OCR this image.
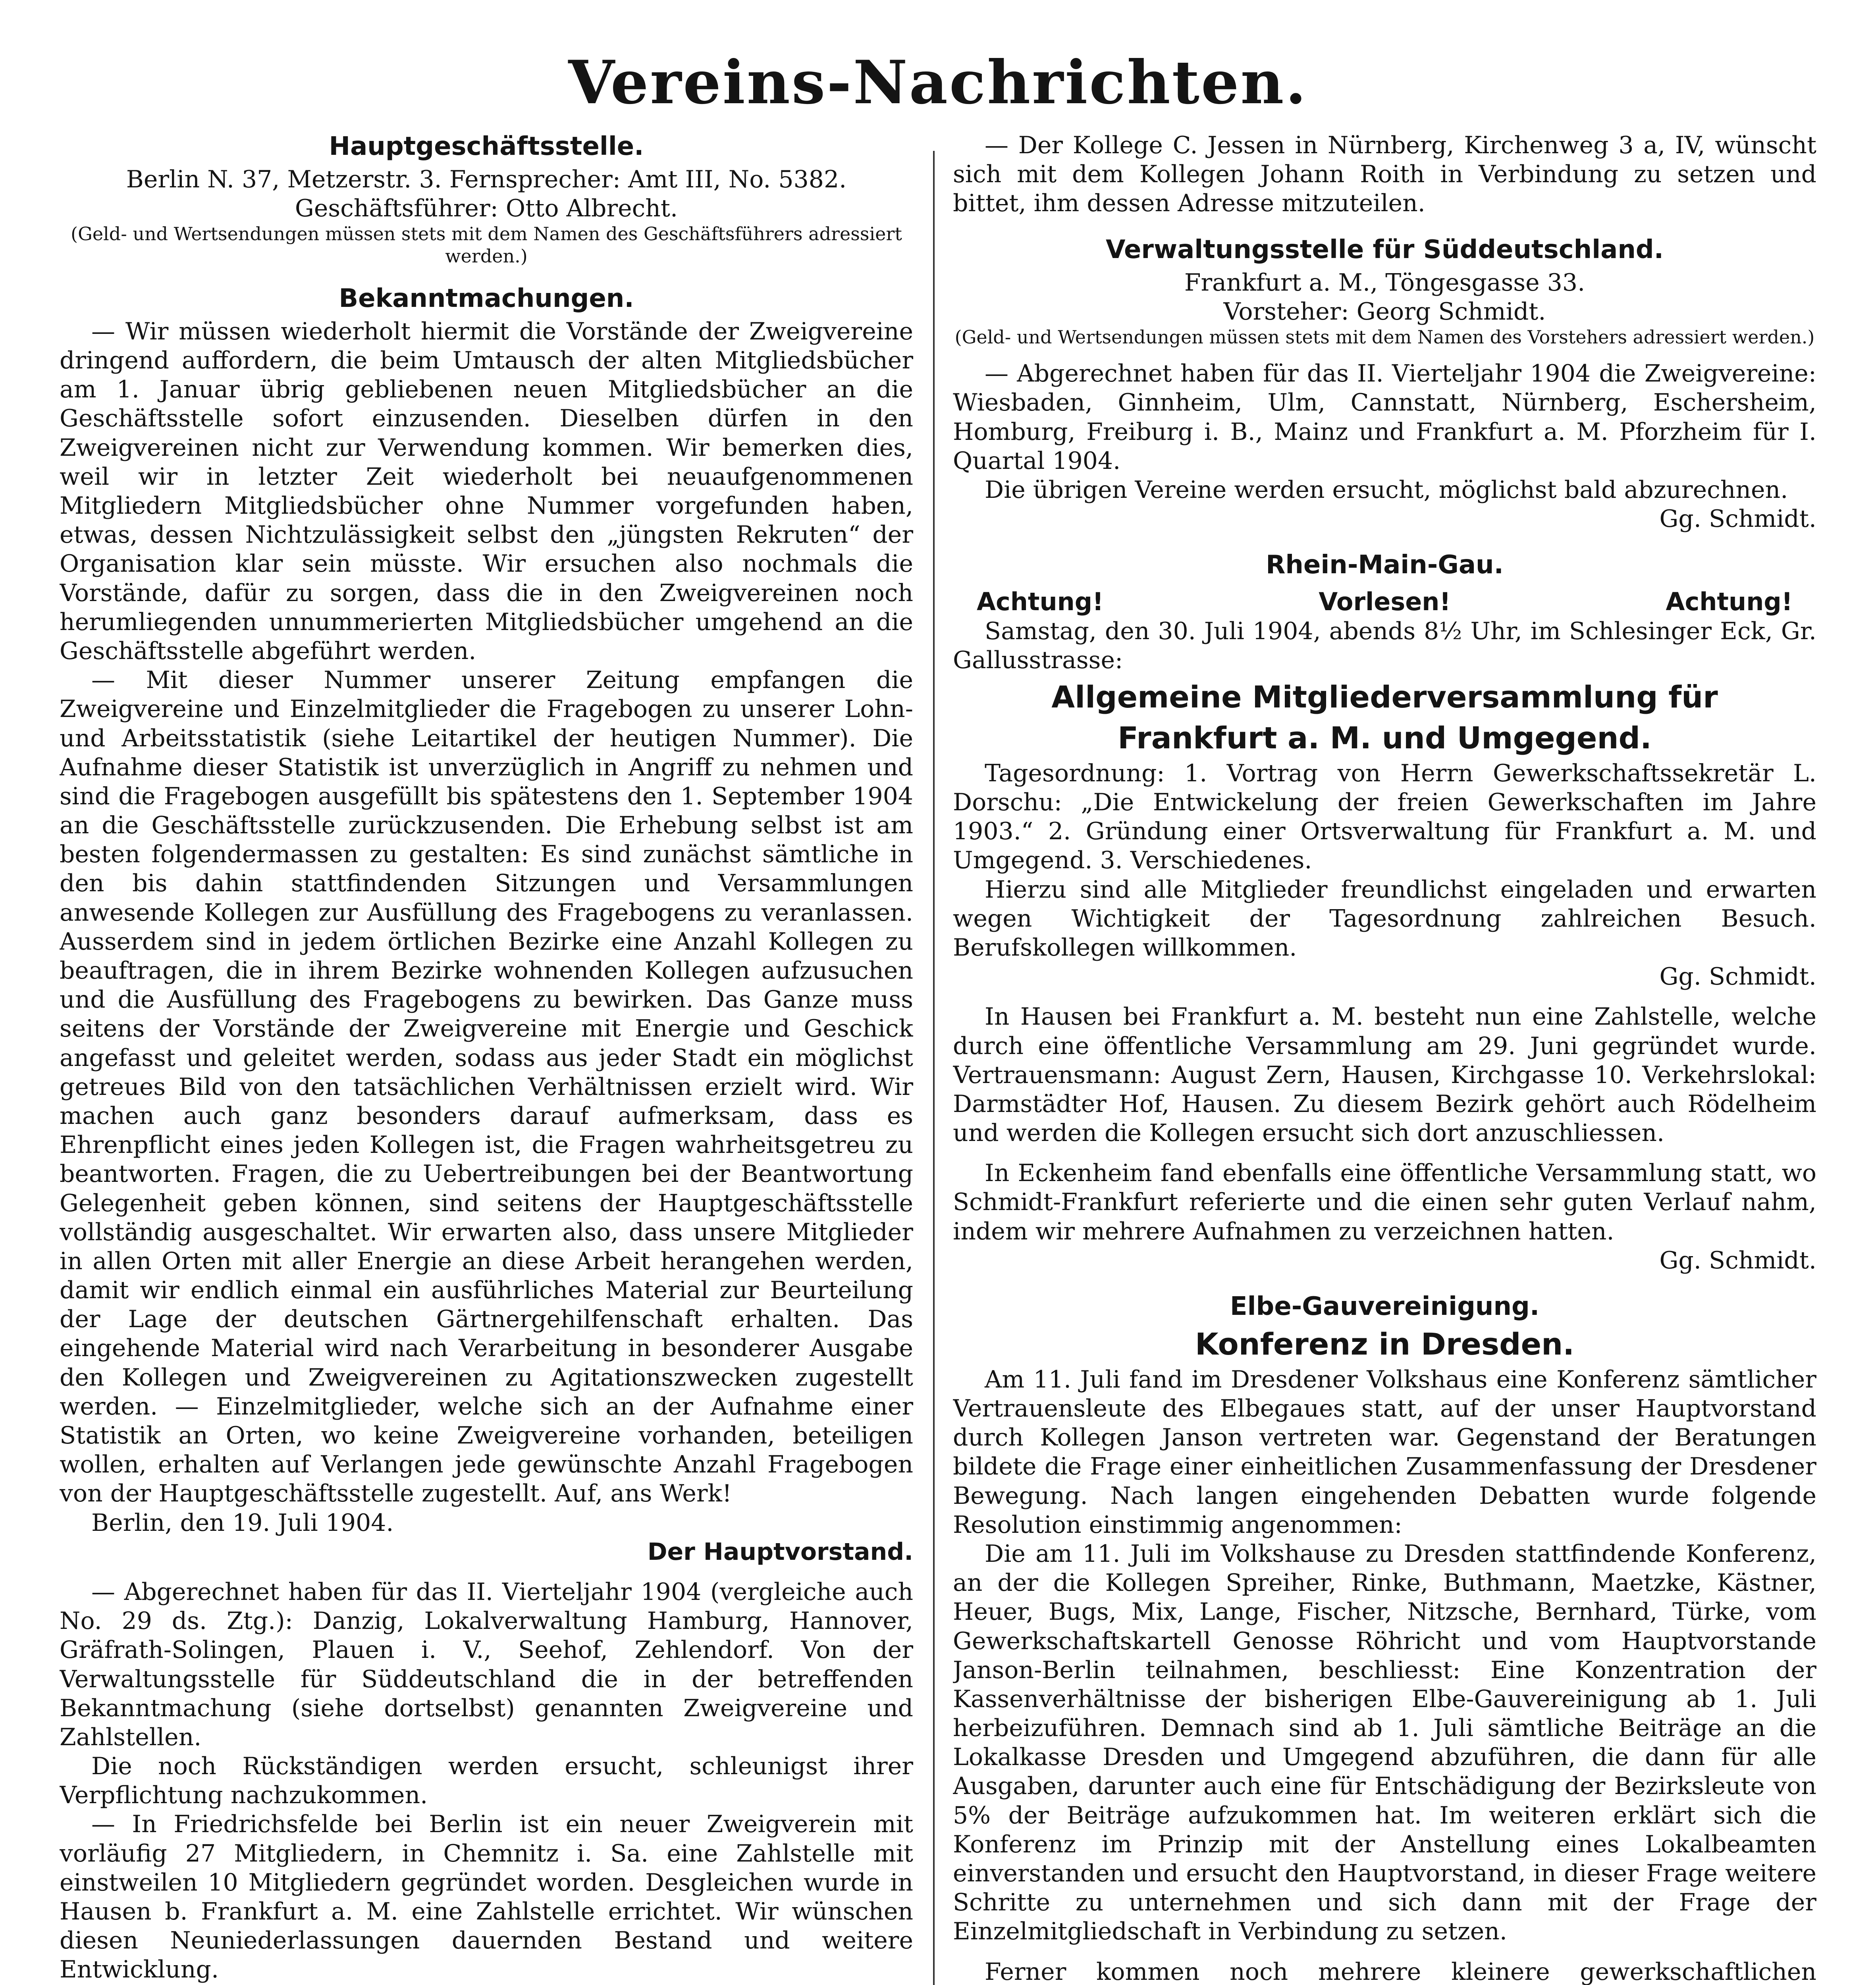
Vereins-Nachrichten.
Hauptgeschäftsstelle.
Berlin N. 37, Metzerstr. 3. Fernsprecher: Amt III, No. 5382.
Geschäftsführer: Otto Albrecht.
(Geld- und Wertsendungen müssen stets mit dem Namen des Geschäftsführers adressiert werden.)
Bekanntmachungen.

— Wir müssen wiederholt hiermit die Vorstände der Zweigvereine dringend auffordern, die beim Umtausch der alten Mitgliedsbücher am 1. Januar übrig gebliebenen neuen Mitgliedsbücher an die Geschäftsstelle sofort einzusenden. Dieselben dürfen in den Zweigvereinen nicht zur Verwendung kommen. Wir bemerken dies, weil wir in letzter Zeit wiederholt bei neuaufgenommenen Mitgliedern Mitgliedsbücher ohne Nummer vorgefunden haben, etwas, dessen Nichtzulässigkeit selbst den „jüngsten Rekruten“ der Organisation klar sein müsste. Wir ersuchen also nochmals die Vorstände, dafür zu sorgen, dass die in den Zweigvereinen noch herumliegenden unnummerierten Mitgliedsbücher umgehend an die Geschäftsstelle abgeführt werden.

— Mit dieser Nummer unserer Zeitung empfangen die Zweigvereine und Einzelmitglieder die Fragebogen zu unserer Lohn- und Arbeitsstatistik (siehe Leitartikel der heutigen Nummer). Die Aufnahme dieser Statistik ist unverzüglich in Angriff zu nehmen und sind die Fragebogen ausgefüllt bis spätestens den 1. September 1904 an die Geschäftsstelle zurückzusenden. Die Erhebung selbst ist am besten folgendermassen zu gestalten: Es sind zunächst sämtliche in den bis dahin stattfindenden Sitzungen und Versammlungen anwesende Kollegen zur Ausfüllung des Fragebogens zu veranlassen. Ausserdem sind in jedem örtlichen Bezirke eine Anzahl Kollegen zu beauftragen, die in ihrem Bezirke wohnenden Kollegen aufzusuchen und die Ausfüllung des Fragebogens zu bewirken. Das Ganze muss seitens der Vorstände der Zweigvereine mit Energie und Geschick angefasst und geleitet werden, sodass aus jeder Stadt ein möglichst getreues Bild von den tatsächlichen Verhältnissen erzielt wird. Wir machen auch ganz besonders darauf aufmerksam, dass es Ehrenpflicht eines jeden Kollegen ist, die Fragen wahrheitsgetreu zu beantworten. Fragen, die zu Uebertreibungen bei der Beantwortung Gelegenheit geben können, sind seitens der Hauptgeschäftsstelle vollständig ausgeschaltet. Wir erwarten also, dass unsere Mitglieder in allen Orten mit aller Energie an diese Arbeit herangehen werden, damit wir endlich einmal ein ausführliches Material zur Beurteilung der Lage der deutschen Gärtnergehilfenschaft erhalten. Das eingehende Material wird nach Verarbeitung in besonderer Ausgabe den Kollegen und Zweigvereinen zu Agitationszwecken zugestellt werden. — Einzelmitglieder, welche sich an der Aufnahme einer Statistik an Orten, wo keine Zweigvereine vorhanden, beteiligen wollen, erhalten auf Verlangen jede gewünschte Anzahl Fragebogen von der Hauptgeschäftsstelle zugestellt. Auf, ans Werk!

Berlin, den 19. Juli 1904.

Der Hauptvorstand.

— Abgerechnet haben für das II. Vierteljahr 1904 (vergleiche auch No. 29 ds. Ztg.): Danzig, Lokalverwaltung Hamburg, Hannover, Gräfrath-Solingen, Plauen i. V., Seehof, Zehlendorf. Von der Verwaltungsstelle für Süddeutschland die in der betreffenden Bekanntmachung (siehe dortselbst) genannten Zweigvereine und Zahlstellen.

Die noch Rückständigen werden ersucht, schleunigst ihrer Verpflichtung nachzukommen.

— In Friedrichsfelde bei Berlin ist ein neuer Zweigverein mit vorläufig 27 Mitgliedern, in Chemnitz i. Sa. eine Zahlstelle mit einstweilen 10 Mitgliedern gegründet worden. Desgleichen wurde in Hausen b. Frankfurt a. M. eine Zahlstelle errichtet. Wir wünschen diesen Neuniederlassungen dauernden Bestand und weitere Entwicklung.

— Der Kollege C. Jessen in Nürnberg, Kirchenweg 3 a, IV, wünscht sich mit dem Kollegen Johann Roith in Verbindung zu setzen und bittet, ihm dessen Adresse mitzuteilen.

Verwaltungsstelle für Süddeutschland.
Frankfurt a. M., Töngesgasse 33.
Vorsteher: Georg Schmidt.
(Geld- und Wertsendungen müssen stets mit dem Namen des Vorstehers adressiert werden.)

— Abgerechnet haben für das II. Vierteljahr 1904 die Zweigvereine: Wiesbaden, Ginnheim, Ulm, Cannstatt, Nürnberg, Eschersheim, Homburg, Freiburg i. B., Mainz und Frankfurt a. M. Pforzheim für I. Quartal 1904.

Die übrigen Vereine werden ersucht, möglichst bald abzurechnen.

Gg. Schmidt.
Rhein-Main-Gau.
Achtung!	Vorlesen!	Achtung!

Samstag, den 30. Juli 1904, abends 8½ Uhr, im Schlesinger Eck, Gr. Gallusstrasse:

Allgemeine Mitgliederversammlung für
Frankfurt a. M. und Umgegend.

Tagesordnung: 1. Vortrag von Herrn Gewerkschaftssekretär L. Dorschu: „Die Entwickelung der freien Gewerkschaften im Jahre 1903.“ 2. Gründung einer Ortsverwaltung für Frankfurt a. M. und Umgegend. 3. Verschiedenes.

Hierzu sind alle Mitglieder freundlichst eingeladen und erwarten wegen Wichtigkeit der Tagesordnung zahlreichen Besuch. Berufskollegen willkommen.

Gg. Schmidt.

In Hausen bei Frankfurt a. M. besteht nun eine Zahlstelle, welche durch eine öffentliche Versammlung am 29. Juni gegründet wurde. Vertrauensmann: August Zern, Hausen, Kirchgasse 10. Verkehrslokal: Darmstädter Hof, Hausen. Zu diesem Bezirk gehört auch Rödelheim und werden die Kollegen ersucht sich dort anzuschliessen.

In Eckenheim fand ebenfalls eine öffentliche Versammlung statt, wo Schmidt-Frankfurt referierte und die einen sehr guten Verlauf nahm, indem wir mehrere Aufnahmen zu verzeichnen hatten.

Gg. Schmidt.
Elbe-Gauvereinigung.
Konferenz in Dresden.

Am 11. Juli fand im Dresdener Volkshaus eine Konferenz sämtlicher Vertrauensleute des Elbegaues statt, auf der unser Hauptvorstand durch Kollegen Janson vertreten war. Gegenstand der Beratungen bildete die Frage einer einheitlichen Zusammenfassung der Dresdener Bewegung. Nach langen eingehenden Debatten wurde folgende Resolution einstimmig angenommen:

Die am 11. Juli im Volkshause zu Dresden stattfindende Konferenz, an der die Kollegen Spreiher, Rinke, Buthmann, Maetzke, Kästner, Heuer, Bugs, Mix, Lange, Fischer, Nitzsche, Bernhard, Türke, vom Gewerkschaftskartell Genosse Röhricht und vom Hauptvorstande Janson-Berlin teilnahmen, beschliesst: Eine Konzentration der Kassenverhältnisse der bisherigen Elbe-Gauvereinigung ab 1. Juli herbeizuführen. Demnach sind ab 1. Juli sämtliche Beiträge an die Lokalkasse Dresden und Umgegend abzuführen, die dann für alle Ausgaben, darunter auch eine für Entschädigung der Bezirksleute von 5% der Beiträge aufzukommen hat. Im weiteren erklärt sich die Konferenz im Prinzip mit der Anstellung eines Lokalbeamten einverstanden und ersucht den Hauptvorstand, in dieser Frage weitere Schritte zu unternehmen und sich dann mit der Frage der Einzelmitgliedschaft in Verbindung zu setzen.

Ferner kommen noch mehrere kleinere gewerkschaftlichen
